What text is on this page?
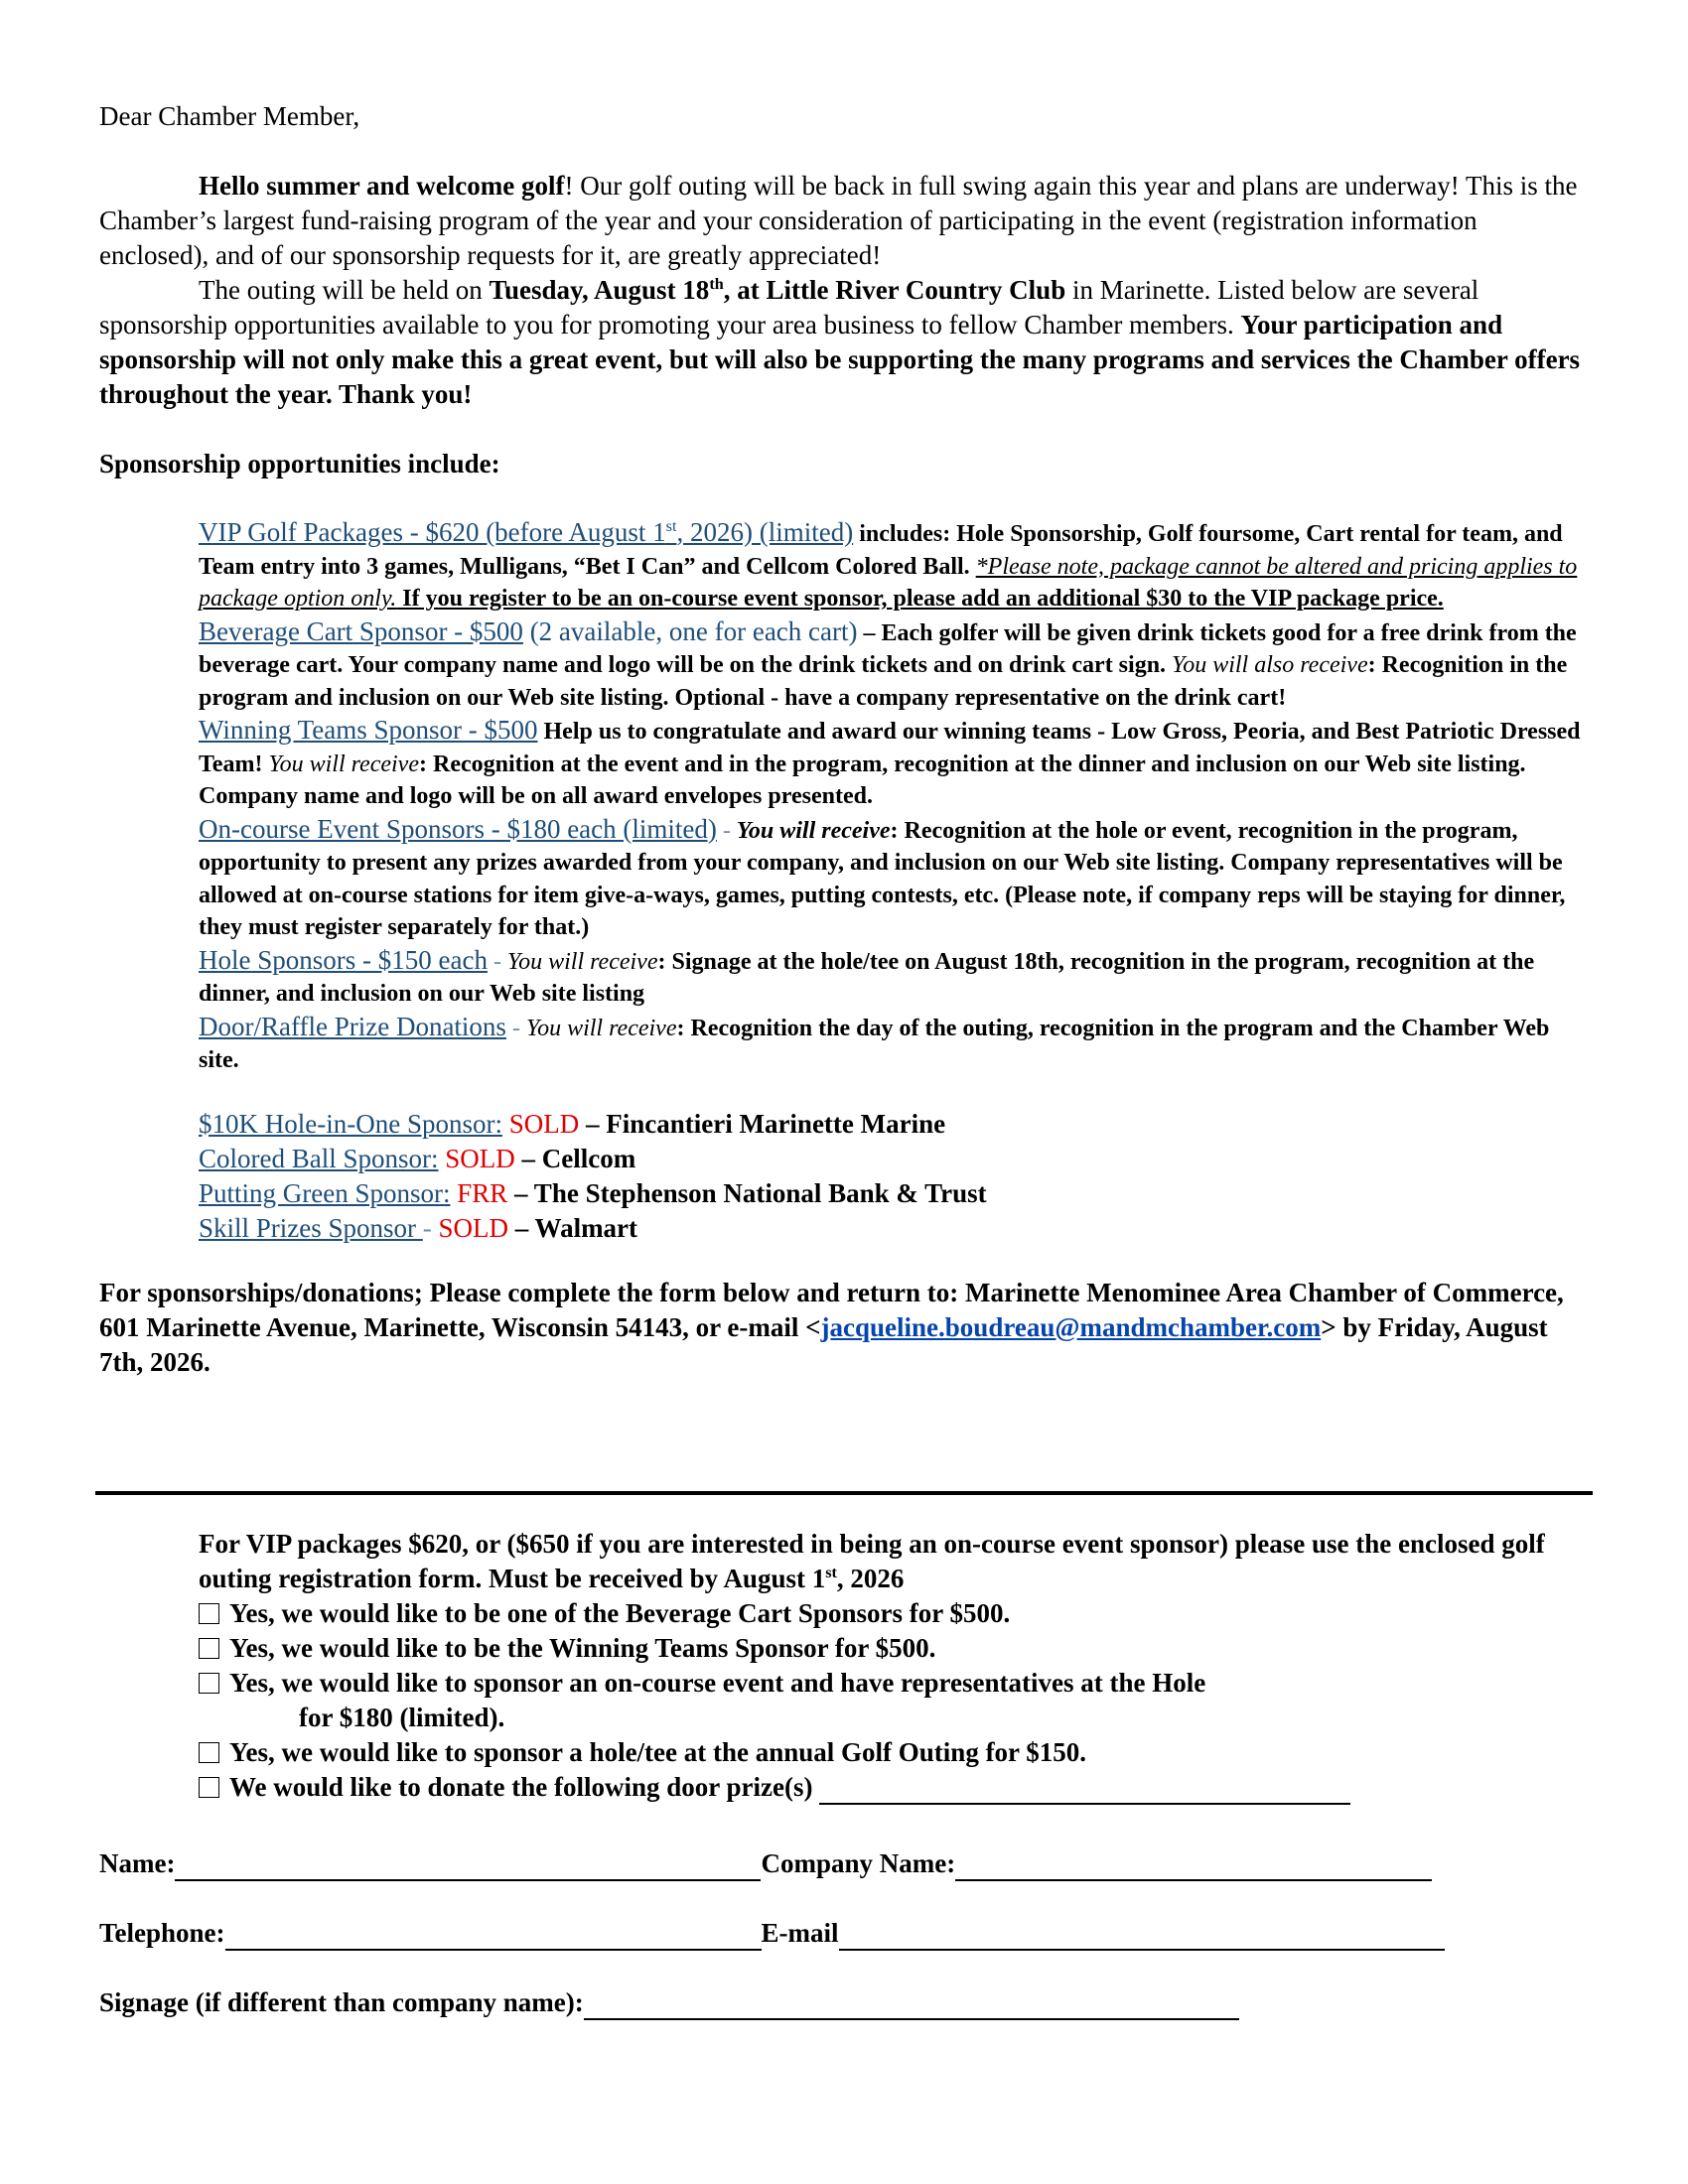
Dear Chamber Member,

Hello summer and welcome golf! Our golf outing will be back in full swing again this year and plans are underway! This is the Chamber’s largest fund-raising program of the year and your consideration of participating in the event (registration information enclosed), and of our sponsorship requests for it, are greatly appreciated!

The outing will be held on Tuesday, August 18th, at Little River Country Club in Marinette. Listed below are several sponsorship opportunities available to you for promoting your area business to fellow Chamber members. Your participation and sponsorship will not only make this a great event, but will also be supporting the many programs and services the Chamber offers throughout the year. Thank you!

Sponsorship opportunities include:

VIP Golf Packages - $620 (before August 1st, 2026) (limited) includes: Hole Sponsorship, Golf foursome, Cart rental for team, and Team entry into 3 games, Mulligans, “Bet I Can” and Cellcom Colored Ball. *Please note, package cannot be altered and pricing applies to package option only. If you register to be an on-course event sponsor, please add an additional $30 to the VIP package price.

Beverage Cart Sponsor - $500 (2 available, one for each cart) – Each golfer will be given drink tickets good for a free drink from the beverage cart. Your company name and logo will be on the drink tickets and on drink cart sign. You will also receive: Recognition in the program and inclusion on our Web site listing. Optional - have a company representative on the drink cart!

Winning Teams Sponsor - $500 Help us to congratulate and award our winning teams - Low Gross, Peoria, and Best Patriotic Dressed Team! You will receive: Recognition at the event and in the program, recognition at the dinner and inclusion on our Web site listing. Company name and logo will be on all award envelopes presented.

On-course Event Sponsors - $180 each (limited) - You will receive: Recognition at the hole or event, recognition in the program, opportunity to present any prizes awarded from your company, and inclusion on our Web site listing. Company representatives will be allowed at on-course stations for item give-a-ways, games, putting contests, etc. (Please note, if company reps will be staying for dinner, they must register separately for that.)

Hole Sponsors - $150 each - You will receive: Signage at the hole/tee on August 18th, recognition in the program, recognition at the dinner, and inclusion on our Web site listing

Door/Raffle Prize Donations - You will receive: Recognition the day of the outing, recognition in the program and the Chamber Web site.

$10K Hole-in-One Sponsor: SOLD – Fincantieri Marinette Marine

Colored Ball Sponsor: SOLD – Cellcom

Putting Green Sponsor: FRR – The Stephenson National Bank & Trust

Skill Prizes Sponsor - SOLD – Walmart

For sponsorships/donations; Please complete the form below and return to: Marinette Menominee Area Chamber of Commerce, 601 Marinette Avenue, Marinette, Wisconsin 54143, or e-mail <jacqueline.boudreau@mandmchamber.com> by Friday, August 7th, 2026.

For VIP packages $620, or ($650 if you are interested in being an on-course event sponsor) please use the enclosed golf outing registration form. Must be received by August 1st, 2026

Yes, we would like to be one of the Beverage Cart Sponsors for $500.

Yes, we would like to be the Winning Teams Sponsor for $500.

Yes, we would like to sponsor an on-course event and have representatives at the Hole

for $180 (limited).

Yes, we would like to sponsor a hole/tee at the annual Golf Outing for $150.

We would like to donate the following door prize(s)

Name:	Company Name:
Telephone:	E-mail
Signage (if different than company name):
